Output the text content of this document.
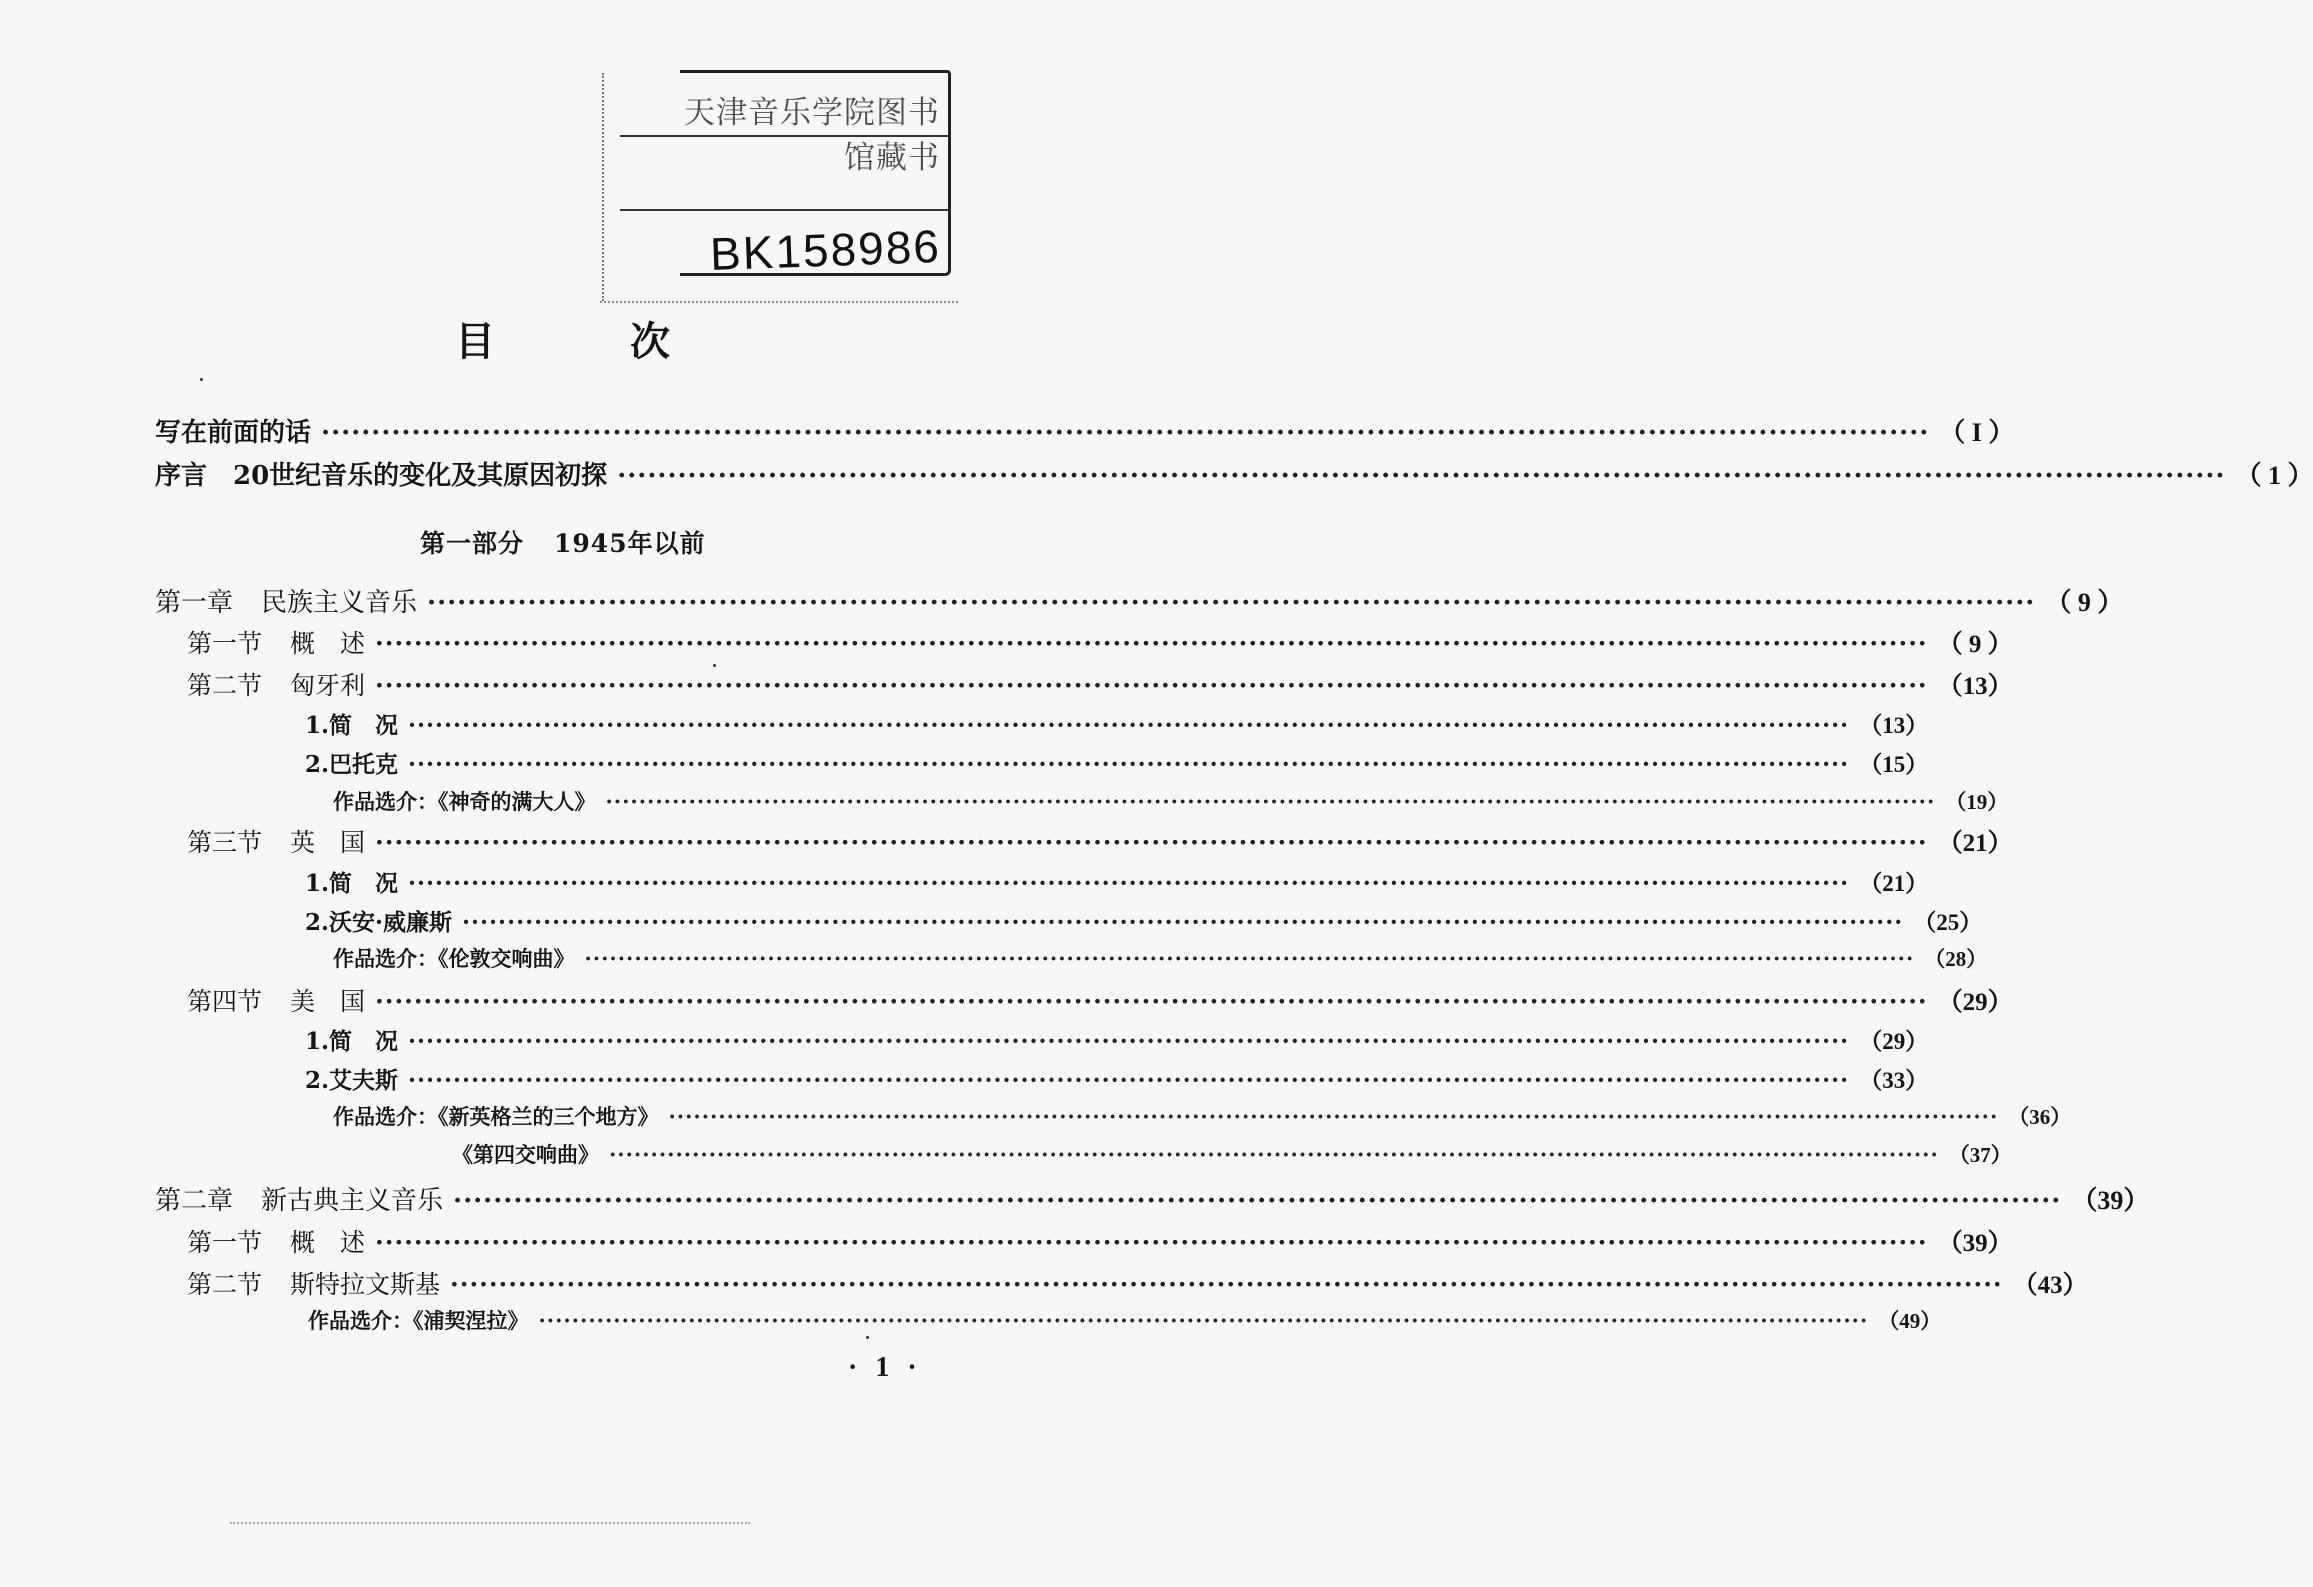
天津音乐学院图书馆藏书
BK158986
目次
写在前面的话 ·····	（ I ）
序言　20世纪音乐的变化及其原因初探 ·····	（ 1 ）
第一部分 1945年以前
第一章 民族主义音乐 ·····	（ 9 ）
第一节 概　述 ·····	（ 9 ）
第二节 匈牙利 ·····	（13）
1.简　况 ·····	（13）
2.巴托克 ·····	（15）
作品选介：《神奇的满大人》 ·····	（19）
第三节 英　国 ·····	（21）
1.简　况 ·····	（21）
2.沃安·威廉斯 ·····	（25）
作品选介：《伦敦交响曲》 ·····	（28）
第四节 美　国 ·····	（29）
1.简　况 ·····	（29）
2.艾夫斯 ·····	（33）
作品选介：《新英格兰的三个地方》 ·····	（36）
《第四交响曲》 ·····	（37）
第二章 新古典主义音乐 ·····	（39）
第一节 概　述 ·····	（39）
第二节 斯特拉文斯基 ·····	（43）
作品选介：《浦契涅拉》 ·····	（49）
·1·
